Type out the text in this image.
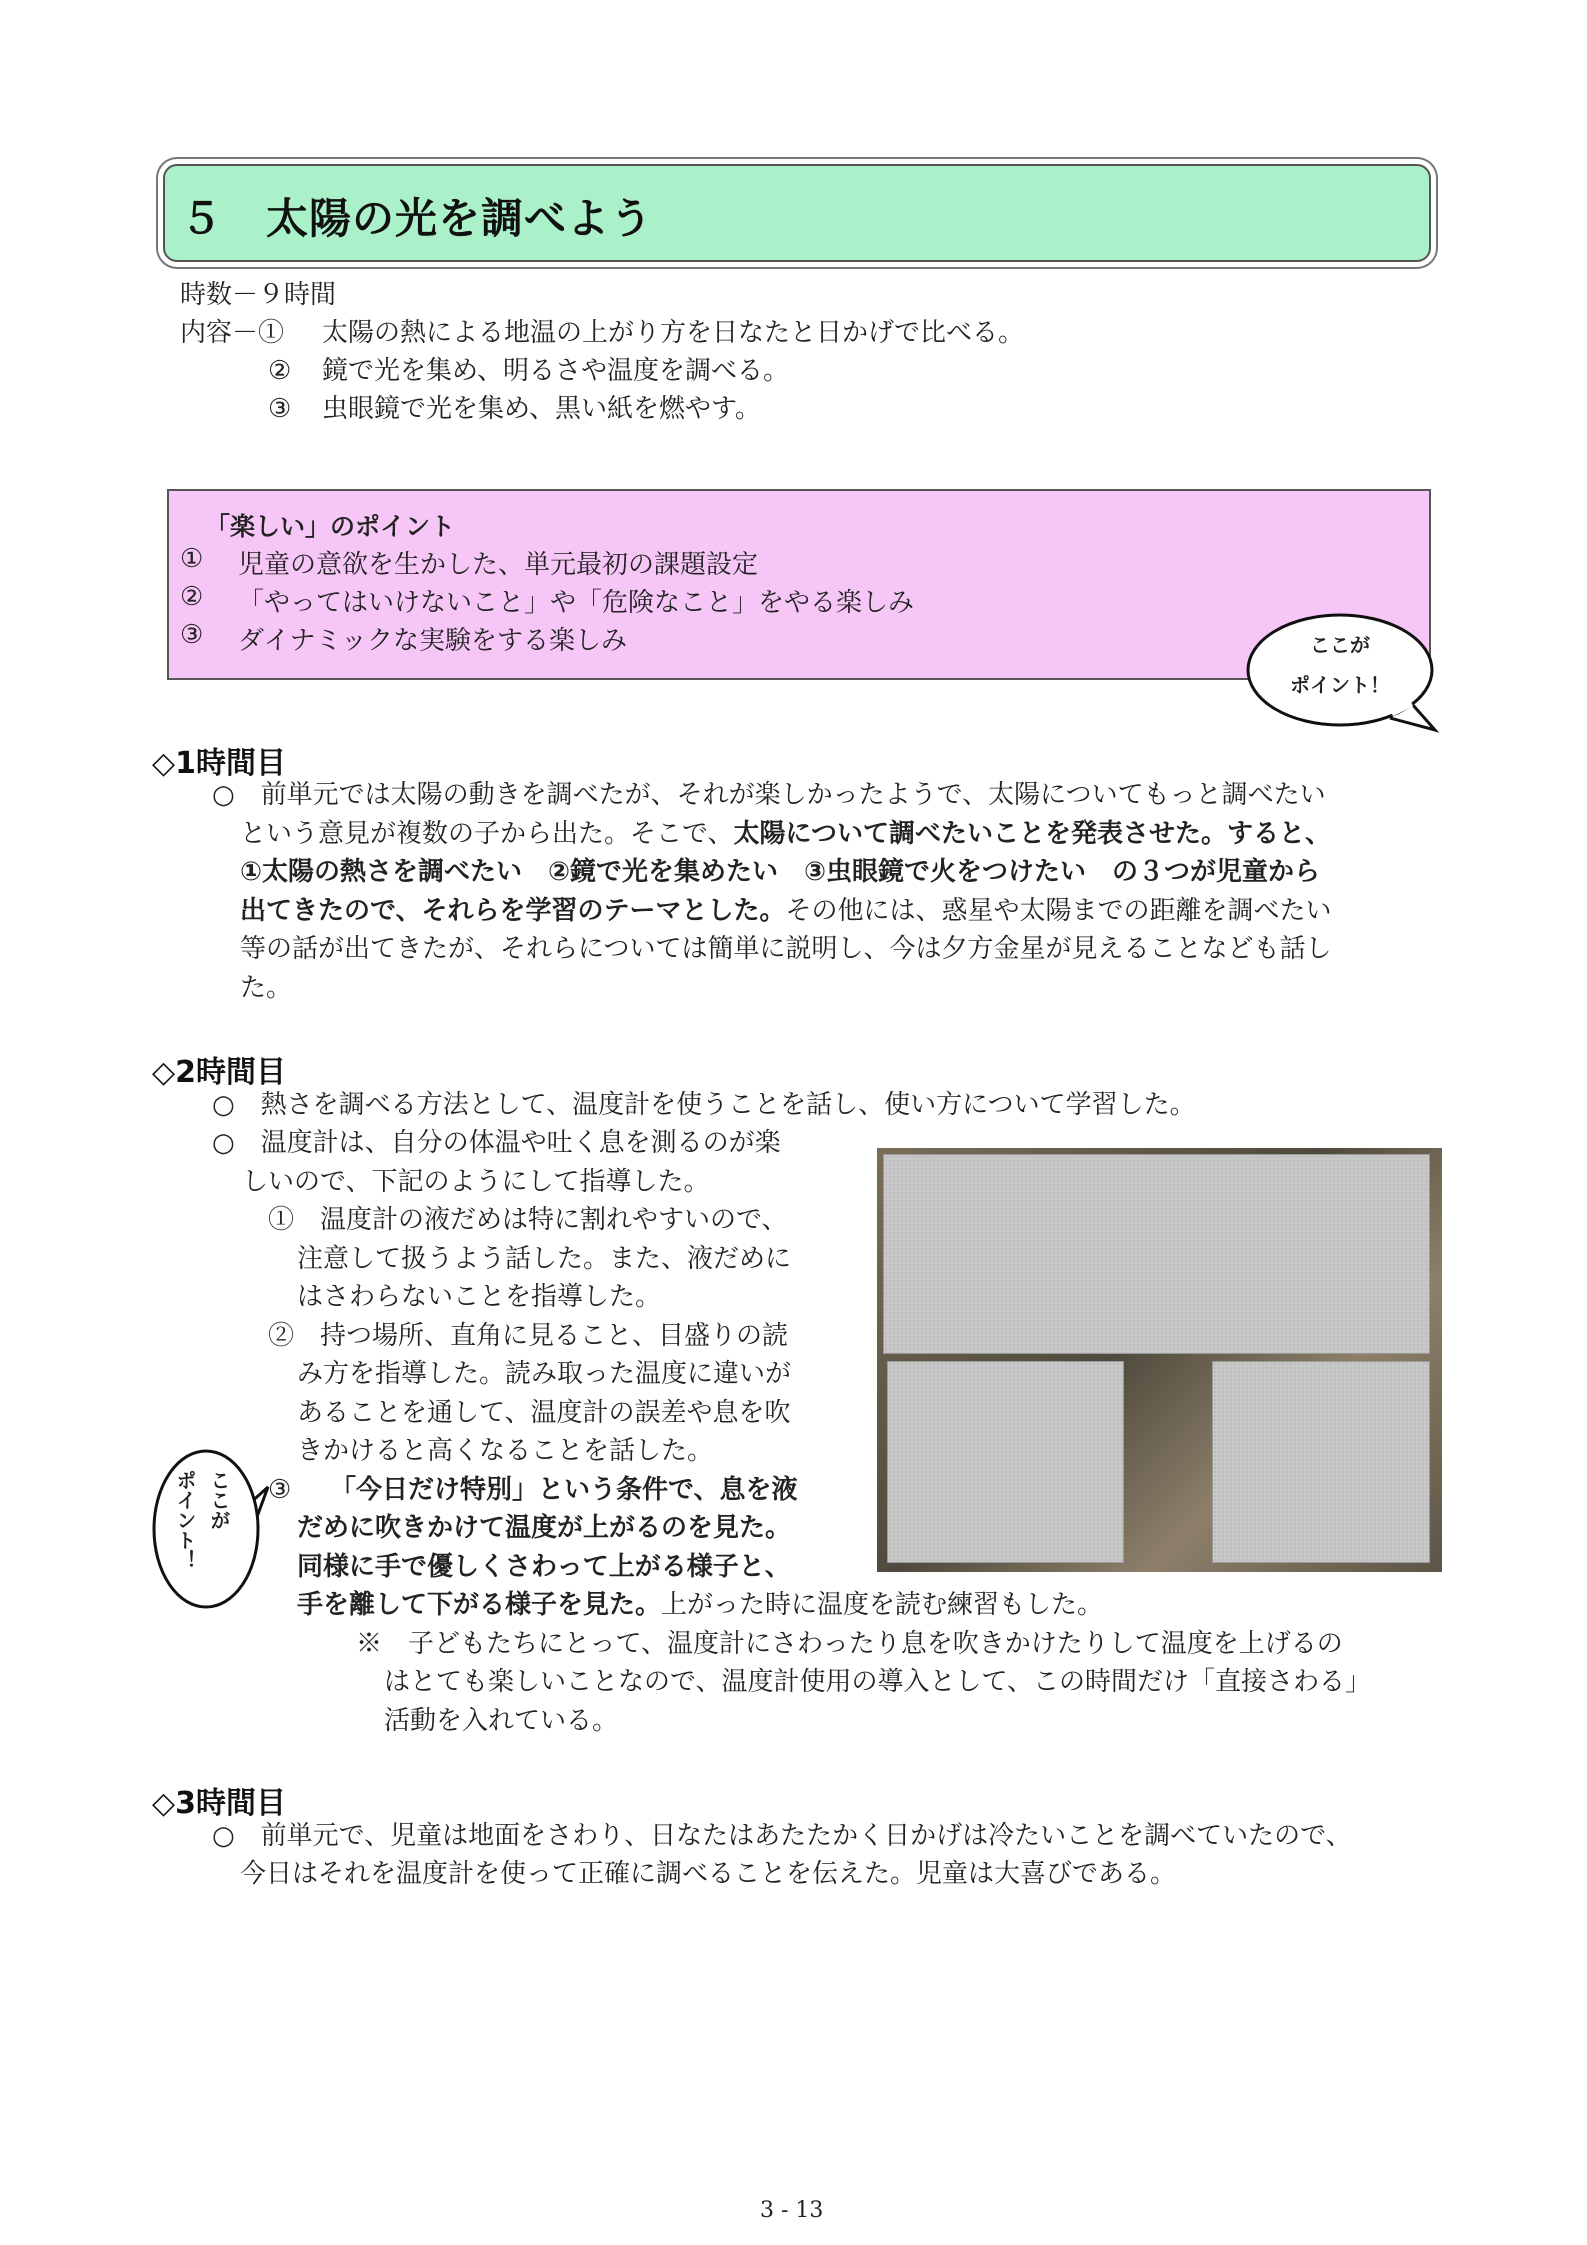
５　太陽の光を調べよう
時数－９時間
内容－① 太陽の熱による地温の上がり方を日なたと日かげで比べる。
② 鏡で光を集め、明るさや温度を調べる。
③ 虫眼鏡で光を集め、黒い紙を燃やす。
「楽しい」のポイント
① 児童の意欲を生かした、単元最初の課題設定
② 「やってはいけないこと」や「危険なこと」をやる楽しみ
③ ダイナミックな実験をする楽しみ	ここが
ポイント！
◇1時間目
○　前単元では太陽の動きを調べたが、それが楽しかったようで、太陽についてもっと調べたい
という意見が複数の子から出た。そこで、太陽について調べたいことを発表させた。すると、
①太陽の熱さを調べたい　②鏡で光を集めたい　③虫眼鏡で火をつけたい　の３つが児童から
出てきたので、それらを学習のテーマとした。その他には、惑星や太陽までの距離を調べたい
等の話が出てきたが、それらについては簡単に説明し、今は夕方金星が見えることなども話し
た。
◇2時間目
○　熱さを調べる方法として、温度計を使うことを話し、使い方について学習した。
○　温度計は、自分の体温や吐く息を測るのが楽
しいので、下記のようにして指導した。
①　温度計の液だめは特に割れやすいので、
注意して扱うよう話した。また、液だめに
はさわらないことを指導した。
②　持つ場所、直角に見ること、目盛りの読
み方を指導した。読み取った温度に違いが
あることを通して、温度計の誤差や息を吹
きかけると高くなることを話した。
③ 「今日だけ特別」という条件で、息を液
だめに吹きかけて温度が上がるのを見た。
同様に手で優しくさわって上がる様子と、
手を離して下がる様子を見た。上がった時に温度を読む練習もした。
※　子どもたちにとって、温度計にさわったり息を吹きかけたりして温度を上げるの
はとても楽しいことなので、温度計使用の導入として、この時間だけ「直接さわる」
活動を入れている。
ここが
ポイント！
◇3時間目
○　前単元で、児童は地面をさわり、日なたはあたたかく日かげは冷たいことを調べていたので、
今日はそれを温度計を使って正確に調べることを伝えた。児童は大喜びである。
3 - 13
